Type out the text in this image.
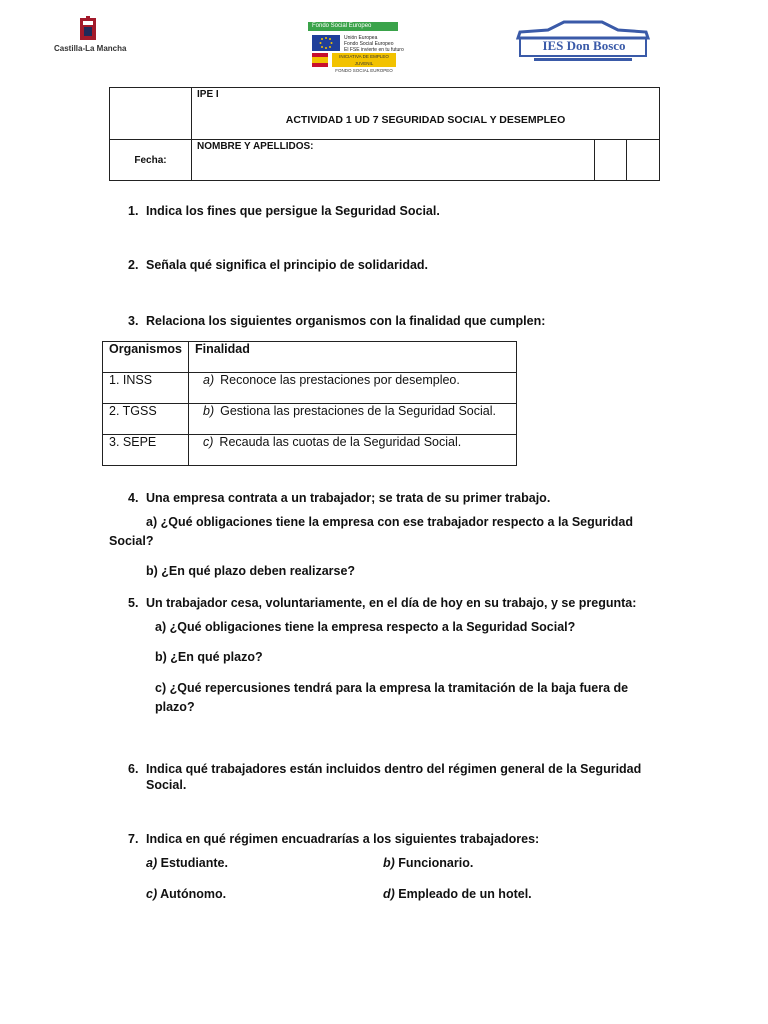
Castilla-La Mancha
Fondo Social Europeo
Unión Europea
Fondo Social Europeo
El FSE invierte en tu futuro
INICIATIVA DE EMPLEO JUVENIL
FONDO SOCIAL EUROPEO
IES Don Bosco

	IPE I
ACTIVIDAD 1 UD 7 SEGURIDAD SOCIAL Y DESEMPLEO		

Fecha:	NOMBRE Y APELLIDOS:		
1. Indica los fines que persigue la Seguridad Social.
2. Señala qué significa el principio de solidaridad.
3. Relaciona los siguientes organismos con la finalidad que cumplen:
Organismos	Finalidad
1. INSS	a) Reconoce las prestaciones por desempleo.
2. TGSS	b) Gestiona las prestaciones de la Seguridad Social.
3. SEPE	c) Recauda las cuotas de la Seguridad Social.
4. Una empresa contrata a un trabajador; se trata de su primer trabajo.
a) ¿Qué obligaciones tiene la empresa con ese trabajador respecto a la Seguridad
Social?
b) ¿En qué plazo deben realizarse?
5. Un trabajador cesa, voluntariamente, en el día de hoy en su trabajo, y se pregunta:
a) ¿Qué obligaciones tiene la empresa respecto a la Seguridad Social?
b) ¿En qué plazo?
c) ¿Qué repercusiones tendrá para la empresa la tramitación de la baja fuera de
plazo?
6. Indica qué trabajadores están incluidos dentro del régimen general de la Seguridad
Social.
7. Indica en qué régimen encuadrarías a los siguientes trabajadores:
a) Estudiante.	b) Funcionario.
c) Autónomo.	d) Empleado de un hotel.
